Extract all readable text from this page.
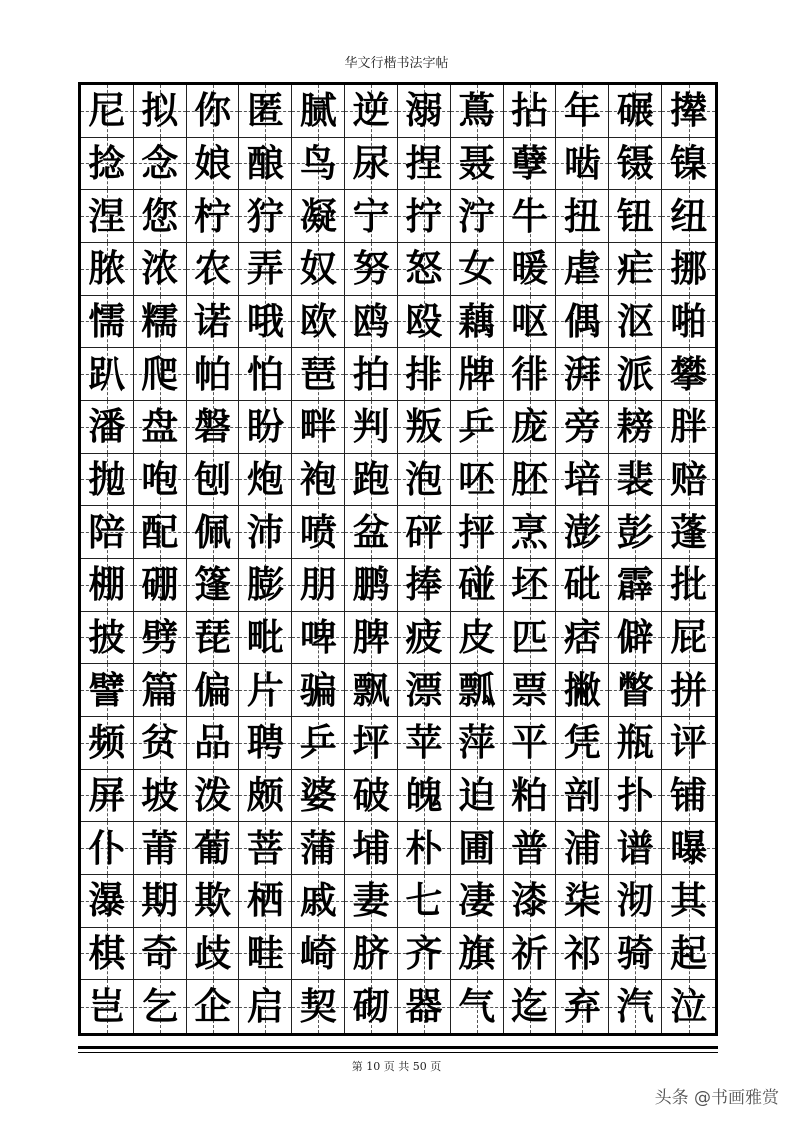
华文行楷书法字帖
尼 拟 你 匿 腻 逆 溺 蔦 拈 年 碾 撵
捻 念 娘 酿 鸟 尿 捏 聂 孽 啮 镊 镍
涅 您 柠 狞 凝 宁 拧 泞 牛 扭 钮 纽
脓 浓 农 弄 奴 努 怒 女 暖 虐 疟 挪
懦 糯 诺 哦 欧 鸥 殴 藕 呕 偶 沤 啪
趴 爬 帕 怕 琶 拍 排 牌 徘 湃 派 攀
潘 盘 磐 盼 畔 判 叛 乒 庞 旁 耪 胖
抛 咆 刨 炮 袍 跑 泡 呸 胚 培 裴 赔
陪 配 佩 沛 喷 盆 砰 抨 烹 澎 彭 蓬
棚 硼 篷 膨 朋 鹏 捧 碰 坯 砒 霹 批
披 劈 琵 毗 啤 脾 疲 皮 匹 痞 僻 屁
譬 篇 偏 片 骗 飘 漂 瓢 票 撇 瞥 拼
频 贫 品 聘 乒 坪 苹 萍 平 凭 瓶 评
屏 坡 泼 颇 婆 破 魄 迫 粕 剖 扑 铺
仆 莆 葡 菩 蒲 埔 朴 圃 普 浦 谱 曝
瀑 期 欺 栖 戚 妻 七 凄 漆 柒 沏 其
棋 奇 歧 畦 崎 脐 齐 旗 祈 祁 骑 起
岂 乞 企 启 契 砌 器 气 迄 弃 汽 泣
第 10 页 共 50 页
头条 @书画雅赏
